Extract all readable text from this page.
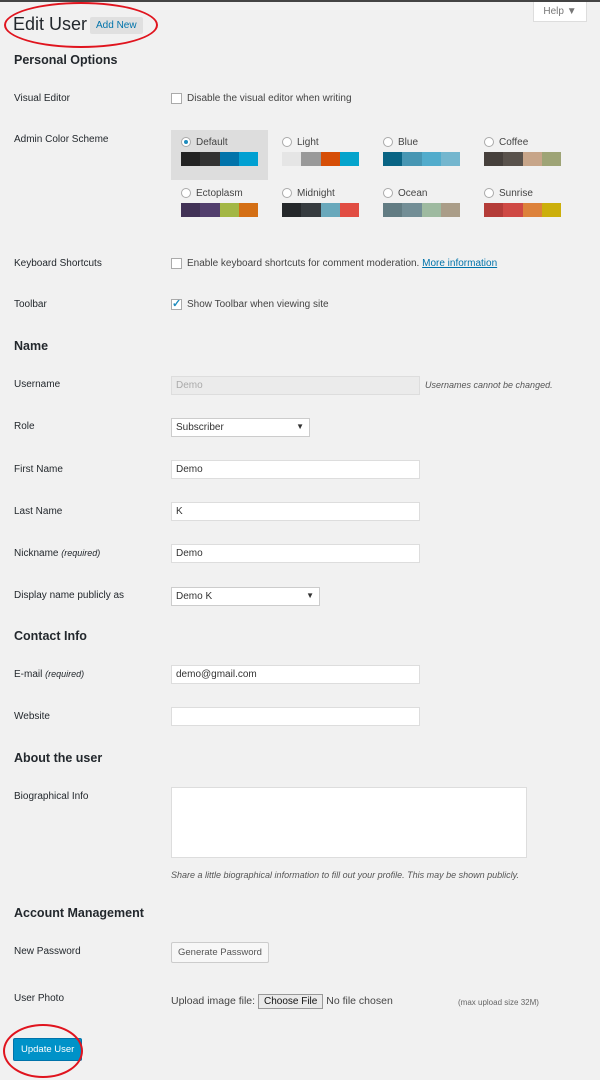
Help ▼
Edit User Add New
Personal Options
Visual Editor	Disable the visual editor when writing
Admin Color Scheme	Default	Light	Blue	Coffee
Ectoplasm	Midnight	Ocean	Sunrise
Keyboard Shortcuts	Enable keyboard shortcuts for comment moderation. More information
Toolbar ✓	Show Toolbar when viewing site
Name
Username	Demo	Usernames cannot be changed.
Role	Subscriber	▼
First Name	Demo
Last Name	K
Nickname (required)	Demo
Display name publicly as	Demo K	▼
Contact Info
E-mail (required)	demo@gmail.com
Website
About the user
Biographical Info
Share a little biographical information to fill out your profile. This may be shown publicly.
Account Management
New Password	Generate Password
User Photo	Upload image file: Choose File No file chosen	(max upload size 32M)
Update User
